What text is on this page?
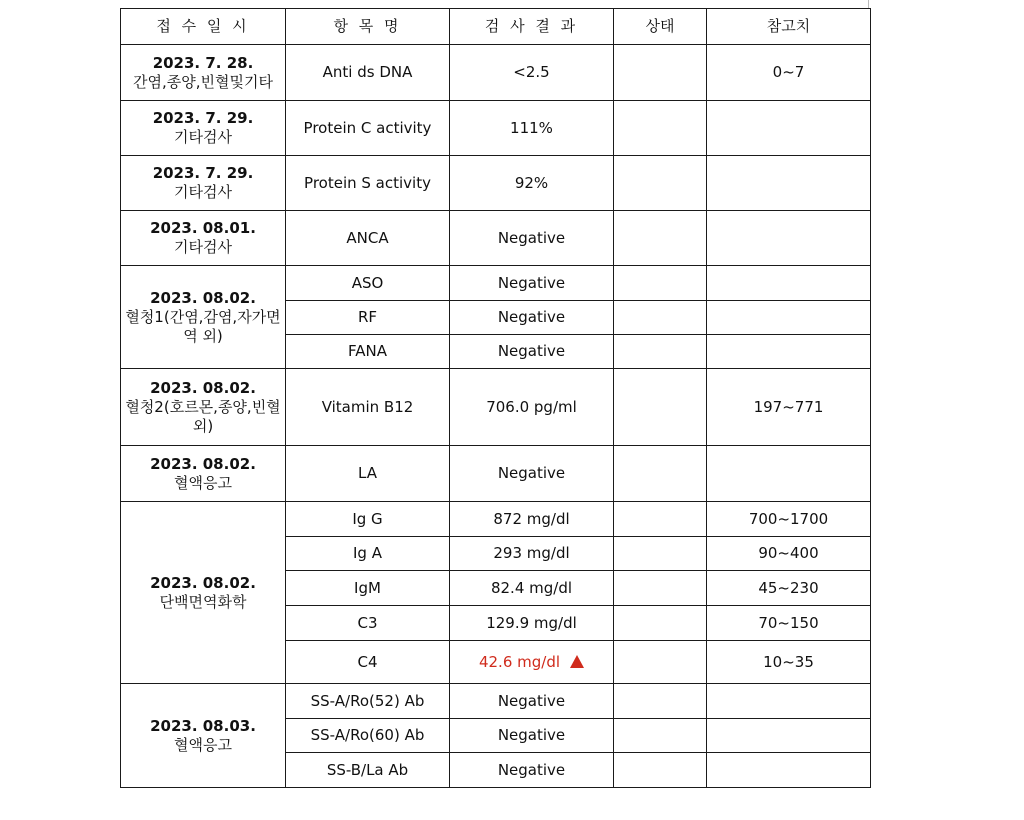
접 수 일 시	항 목 명	검 사 결 과	상태	참고치

2023. 7. 28.
간염,종양,빈혈및기타	Anti ds DNA	<2.5		0~7

2023. 7. 29.
기타검사	Protein C activity	111%		

2023. 7. 29.
기타검사	Protein S activity	92%		

2023. 08.01.
기타검사	ANCA	Negative		

2023. 08.02.
혈청1(간염,감염,자가면역 외)	ASO	Negative		
	RF	Negative		
	FANA	Negative		

2023. 08.02.
혈청2(호르몬,종양,빈혈 외)	Vitamin B12	706.0 pg/ml		197~771

2023. 08.02.
혈액응고	LA	Negative		

2023. 08.02.
단백면역화학	Ig G	872 mg/dl		700~1700
	Ig A	293 mg/dl		90~400
	IgM	82.4 mg/dl		45~230
	C3	129.9 mg/dl		70~150
	C4	42.6 mg/dl		10~35

2023. 08.03.
혈액응고	SS-A/Ro(52) Ab	Negative		
	SS-A/Ro(60) Ab	Negative		
	SS-B/La Ab	Negative		
